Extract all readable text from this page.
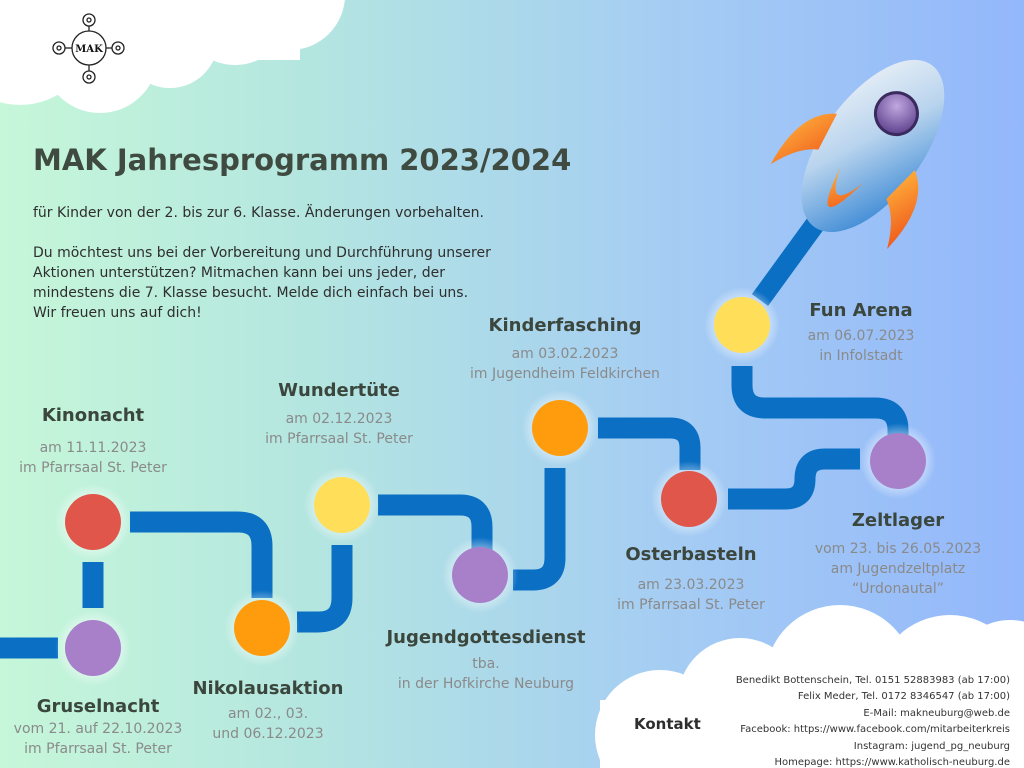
MAK
MAK Jahresprogramm 2023/2024

für Kinder von der 2. bis zur 6. Klasse. Änderungen vorbehalten.

Du möchtest uns bei der Vorbereitung und Durchführung unserer
Aktionen unterstützen? Mitmachen kann bei uns jeder, der
mindestens die 7. Klasse besucht. Melde dich einfach bei uns.
Wir freuen uns auf dich!

Kinonacht
am 11.11.2023
im Pfarrsaal St. Peter
Gruselnacht
vom 21. auf 22.10.2023
im Pfarrsaal St. Peter
Nikolausaktion
am 02., 03.
und 06.12.2023
Wundertüte
am 02.12.2023
im Pfarrsaal St. Peter
Jugendgottesdienst
tba.
in der Hofkirche Neuburg
Kinderfasching
am 03.02.2023
im Jugendheim Feldkirchen
Osterbasteln
am 23.03.2023
im Pfarrsaal St. Peter
Zeltlager
vom 23. bis 26.05.2023
am Jugendzeltplatz
“Urdonautal”
Fun Arena
am 06.07.2023
in Infolstadt
Kontakt
Benedikt Bottenschein, Tel. 0151 52883983 (ab 17:00)
Felix Meder, Tel. 0172 8346547 (ab 17:00)
E-Mail: makneuburg@web.de
Facebook: https://www.facebook.com/mitarbeiterkreis
Instagram: jugend_pg_neuburg
Homepage: https://www.katholisch-neuburg.de
